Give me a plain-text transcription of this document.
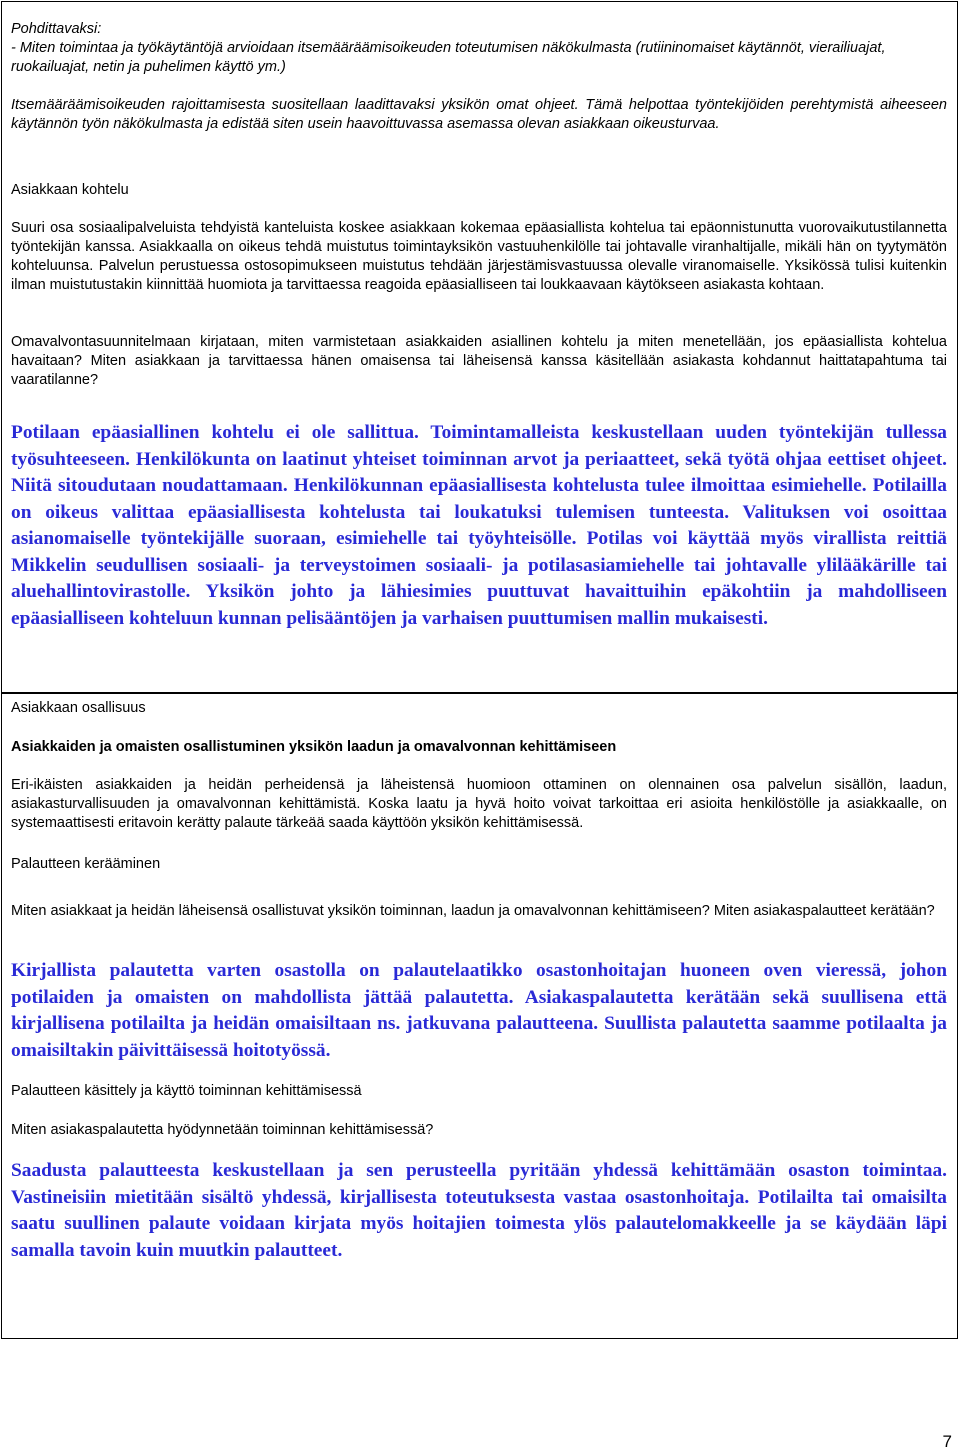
Pohdittavaksi:

- Miten toimintaa ja työkäytäntöjä arvioidaan itsemääräämisoikeuden toteutumisen näkökulmasta (rutiininomaiset käytännöt, vierailiuajat, ruokailuajat, netin ja puhelimen käyttö ym.)

Itsemääräämisoikeuden rajoittamisesta suositellaan laadittavaksi yksikön omat ohjeet. Tämä helpottaa työntekijöiden perehtymistä aiheeseen käytännön työn näkökulmasta ja edistää siten usein haavoittuvassa asemassa olevan asiakkaan oikeusturvaa.

Asiakkaan kohtelu

Suuri osa sosiaalipalveluista tehdyistä kanteluista koskee asiakkaan kokemaa epäasiallista kohtelua tai epäonnistunutta vuorovaikutustilannetta työntekijän kanssa. Asiakkaalla on oikeus tehdä muistutus toimintayksikön vastuuhenkilölle tai johtavalle viranhaltijalle, mikäli hän on tyytymätön kohteluunsa. Palvelun perustuessa ostosopimukseen muistutus tehdään järjestämisvastuussa olevalle viranomaiselle. Yksikössä tulisi kuitenkin ilman muistutustakin kiinnittää huomiota ja tarvittaessa reagoida epäasialliseen tai loukkaavaan käytökseen asiakasta kohtaan.

Omavalvontasuunnitelmaan kirjataan, miten varmistetaan asiakkaiden asiallinen kohtelu ja miten menetellään, jos epäasiallista kohtelua havaitaan? Miten asiakkaan ja tarvittaessa hänen omaisensa tai läheisensä kanssa käsitellään asiakasta kohdannut haittatapahtuma tai vaaratilanne?

Potilaan epäasiallinen kohtelu ei ole sallittua. Toimintamalleista keskustellaan uuden työntekijän tullessa työsuhteeseen. Henkilökunta on laatinut yhteiset toiminnan arvot ja periaatteet, sekä työtä ohjaa eettiset ohjeet. Niitä sitoudutaan noudattamaan. Henkilökunnan epäasiallisesta kohtelusta tulee ilmoittaa esimiehelle. Potilailla on oikeus valittaa epäasiallisesta kohtelusta tai loukatuksi tulemisen tunteesta. Valituksen voi osoittaa asianomaiselle työntekijälle suoraan, esimiehelle tai työyhteisölle. Potilas voi käyttää myös virallista reittiä Mikkelin seudullisen sosiaali- ja terveystoimen sosiaali- ja potilasasiamiehelle tai johtavalle ylilääkärille tai aluehallintovirastolle. Yksikön johto ja lähiesimies puuttuvat havaittuihin epäkohtiin ja mahdolliseen epäasialliseen kohteluun kunnan pelisääntöjen ja varhaisen puuttumisen mallin mukaisesti.

Asiakkaan osallisuus

Asiakkaiden ja omaisten osallistuminen yksikön laadun ja omavalvonnan kehittämiseen

Eri-ikäisten asiakkaiden ja heidän perheidensä ja läheistensä huomioon ottaminen on olennainen osa palvelun sisällön, laadun, asiakasturvallisuuden ja omavalvonnan kehittämistä. Koska laatu ja hyvä hoito voivat tarkoittaa eri asioita henkilöstölle ja asiakkaalle, on systemaattisesti eritavoin kerätty palaute tärkeää saada käyttöön yksikön kehittämisessä.

Palautteen kerääminen

Miten asiakkaat ja heidän läheisensä osallistuvat yksikön toiminnan, laadun ja omavalvonnan kehittämiseen? Miten asiakaspalautteet kerätään?

Kirjallista palautetta varten osastolla on palautelaatikko osastonhoitajan huoneen oven vieressä, johon potilaiden ja omaisten on mahdollista jättää palautetta. Asiakaspalautetta kerätään sekä suullisena että kirjallisena potilailta ja heidän omaisiltaan ns. jatkuvana palautteena. Suullista palautetta saamme potilaalta ja omaisiltakin päivittäisessä hoitotyössä.

Palautteen käsittely ja käyttö toiminnan kehittämisessä

Miten asiakaspalautetta hyödynnetään toiminnan kehittämisessä?

Saadusta palautteesta keskustellaan ja sen perusteella pyritään yhdessä kehittämään osaston toimintaa. Vastineisiin mietitään sisältö yhdessä, kirjallisesta toteutuksesta vastaa osastonhoitaja. Potilailta tai omaisilta saatu suullinen palaute voidaan kirjata myös hoitajien toimesta ylös palautelomakkeelle ja se käydään läpi samalla tavoin kuin muutkin palautteet.

7
